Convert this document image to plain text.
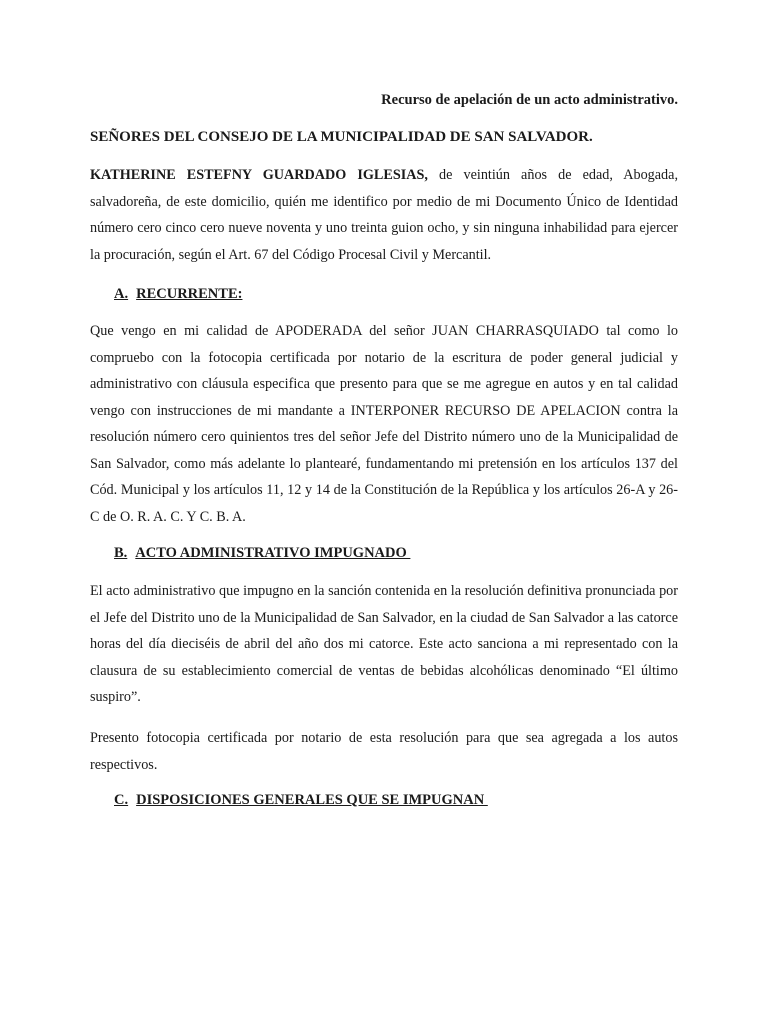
Recurso de apelación de un acto administrativo.
SEÑORES DEL CONSEJO DE LA MUNICIPALIDAD DE SAN SALVADOR.

KATHERINE ESTEFNY GUARDADO IGLESIAS, de veintiún años de edad, Abogada, salvadoreña, de este domicilio, quién me identifico por medio de mi Documento Único de Identidad número cero cinco cero nueve noventa y uno treinta guion ocho, y sin ninguna inhabilidad para ejercer la procuración, según el Art. 67 del Código Procesal Civil y Mercantil.

A. RECURRENTE:

Que vengo en mi calidad de APODERADA del señor JUAN CHARRASQUIADO tal como lo compruebo con la fotocopia certificada por notario de la escritura de poder general judicial y administrativo con cláusula especifica que presento para que se me agregue en autos y en tal calidad vengo con instrucciones de mi mandante a INTERPONER RECURSO DE APELACION contra la resolución número cero quinientos tres del señor Jefe del Distrito número uno de la Municipalidad de San Salvador, como más adelante lo plantearé, fundamentando mi pretensión en los artículos 137 del Cód. Municipal y los artículos 11, 12 y 14 de la Constitución de la República y los artículos 26-A y 26-C de O. R. A. C. Y C. B. A.

B. ACTO ADMINISTRATIVO IMPUGNADO

El acto administrativo que impugno en la sanción contenida en la resolución definitiva pronunciada por el Jefe del Distrito uno de la Municipalidad de San Salvador, en la ciudad de San Salvador a las catorce horas del día dieciséis de abril del año dos mi catorce. Este acto sanciona a mi representado con la clausura de su establecimiento comercial de ventas de bebidas alcohólicas denominado “El último suspiro”.

Presento fotocopia certificada por notario de esta resolución para que sea agregada a los autos respectivos.

C. DISPOSICIONES GENERALES QUE SE IMPUGNAN
